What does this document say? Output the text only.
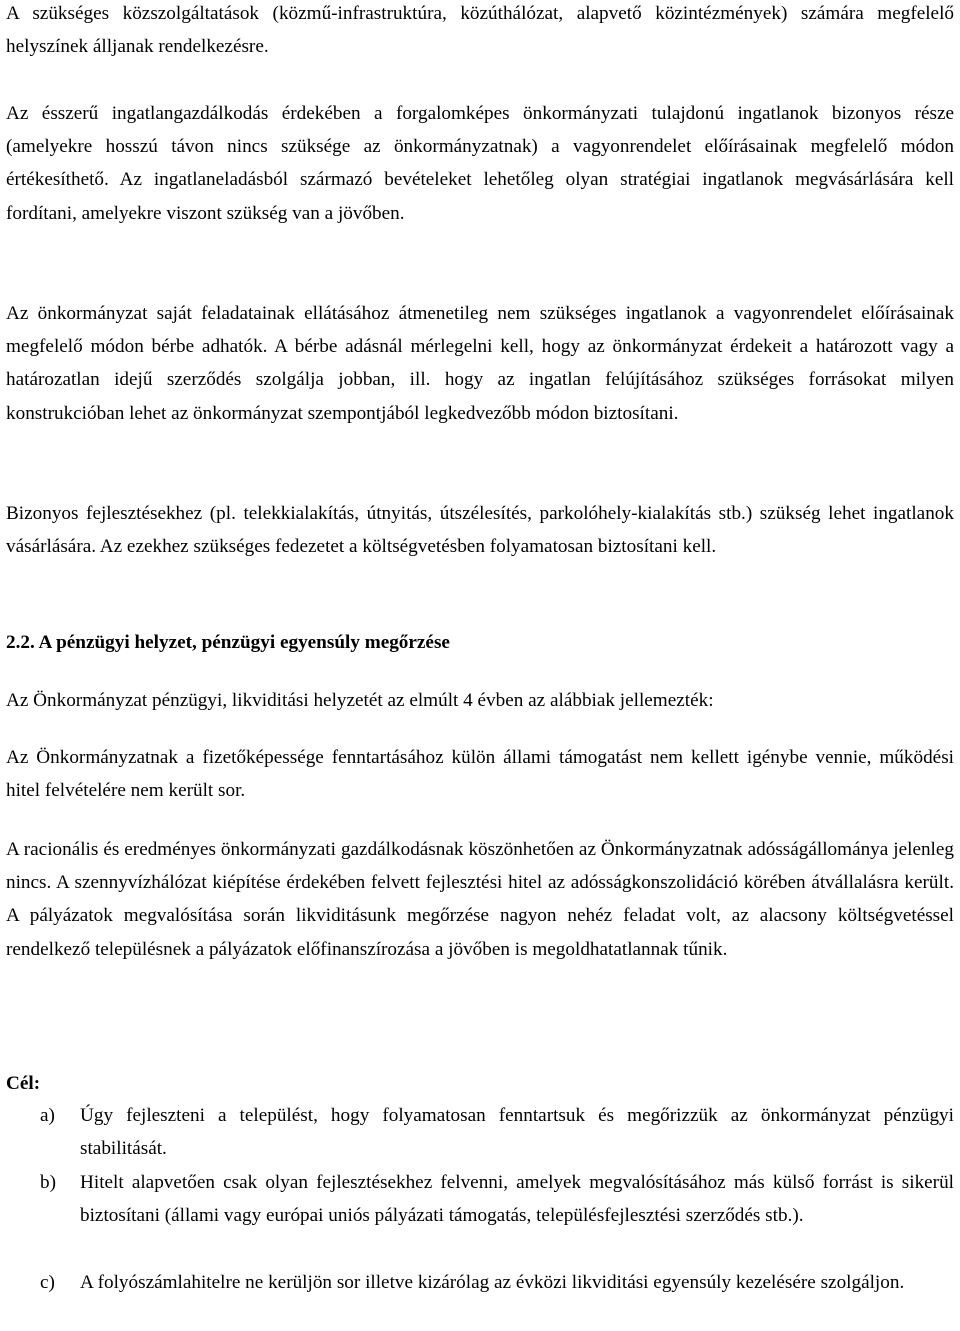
A szükséges közszolgáltatások (közmű-infrastruktúra, közúthálózat, alapvető közintézmények) számára megfelelő helyszínek álljanak rendelkezésre.

Az ésszerű ingatlangazdálkodás érdekében a forgalomképes önkormányzati tulajdonú ingatlanok bizonyos része (amelyekre hosszú távon nincs szüksége az önkormányzatnak) a vagyonrendelet előírásainak megfelelő módon értékesíthető. Az ingatlaneladásból származó bevételeket lehetőleg olyan stratégiai ingatlanok megvásárlására kell fordítani, amelyekre viszont szükség van a jövőben.

Az önkormányzat saját feladatainak ellátásához átmenetileg nem szükséges ingatlanok a vagyonrendelet előírásainak megfelelő módon bérbe adhatók. A bérbe adásnál mérlegelni kell, hogy az önkormányzat érdekeit a határozott vagy a határozatlan idejű szerződés szolgálja jobban, ill. hogy az ingatlan felújításához szükséges forrásokat milyen konstrukcióban lehet az önkormányzat szempontjából legkedvezőbb módon biztosítani.

Bizonyos fejlesztésekhez (pl. telekkialakítás, útnyitás, útszélesítés, parkolóhely-kialakítás stb.) szükség lehet ingatlanok vásárlására. Az ezekhez szükséges fedezetet a költségvetésben folyamatosan biztosítani kell.

2.2. A pénzügyi helyzet, pénzügyi egyensúly megőrzése

Az Önkormányzat pénzügyi, likviditási helyzetét az elmúlt 4 évben az alábbiak jellemezték:

Az Önkormányzatnak a fizetőképessége fenntartásához külön állami támogatást nem kellett igénybe vennie, működési hitel felvételére nem került sor.

A racionális és eredményes önkormányzati gazdálkodásnak köszönhetően az Önkormányzatnak adósságállománya jelenleg nincs. A szennyvízhálózat kiépítése érdekében felvett fejlesztési hitel az adósságkonszolidáció körében átvállalásra került. A pályázatok megvalósítása során likviditásunk megőrzése nagyon nehéz feladat volt, az alacsony költségvetéssel rendelkező településnek a pályázatok előfinanszírozása a jövőben is megoldhatatlannak tűnik.

Cél:

a) Úgy fejleszteni a települést, hogy folyamatosan fenntartsuk és megőrizzük az önkormányzat pénzügyi stabilitását.
b) Hitelt alapvetően csak olyan fejlesztésekhez felvenni, amelyek megvalósításához más külső forrást is sikerül biztosítani (állami vagy európai uniós pályázati támogatás, településfejlesztési szerződés stb.).
c) A folyószámlahitelre ne kerüljön sor illetve kizárólag az évközi likviditási egyensúly kezelésére szolgáljon.
